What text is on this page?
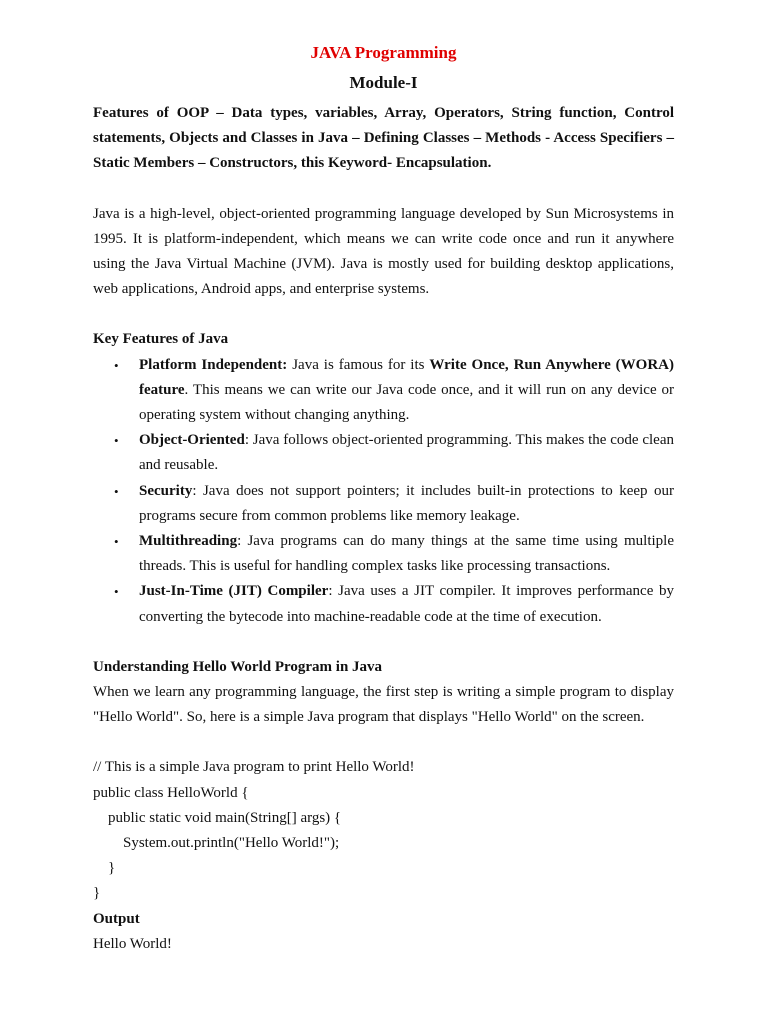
JAVA Programming
Module-I

Features of OOP – Data types, variables, Array, Operators, String function, Control statements, Objects and Classes in Java – Defining Classes – Methods - Access Specifiers – Static Members – Constructors, this Keyword- Encapsulation.

Java is a high-level, object-oriented programming language developed by Sun Microsystems in 1995. It is platform-independent, which means we can write code once and run it anywhere using the Java Virtual Machine (JVM). Java is mostly used for building desktop applications, web applications, Android apps, and enterprise systems.

Key Features of Java

• Platform Independent: Java is famous for its Write Once, Run Anywhere (WORA) feature. This means we can write our Java code once, and it will run on any device or operating system without changing anything.
• Object-Oriented: Java follows object-oriented programming. This makes the code clean and reusable.
• Security: Java does not support pointers; it includes built-in protections to keep our programs secure from common problems like memory leakage.
• Multithreading: Java programs can do many things at the same time using multiple threads. This is useful for handling complex tasks like processing transactions.
• Just-In-Time (JIT) Compiler: Java uses a JIT compiler. It improves performance by converting the bytecode into machine-readable code at the time of execution.

Understanding Hello World Program in Java

When we learn any programming language, the first step is writing a simple program to display "Hello World". So, here is a simple Java program that displays "Hello World" on the screen.

// This is a simple Java program to print Hello World!

public class HelloWorld {

public static void main(String[] args) {

System.out.println("Hello World!");

}

}

Output

Hello World!
